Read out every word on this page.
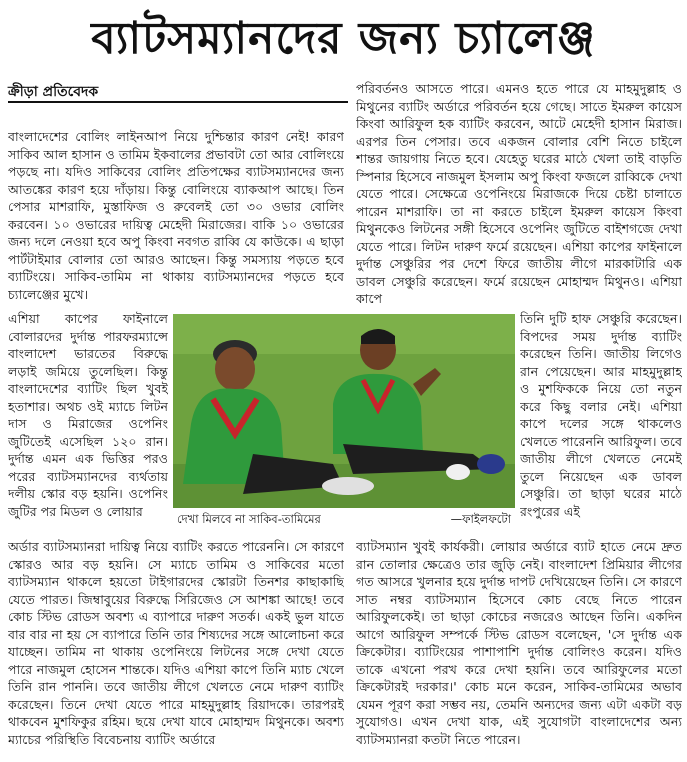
ব্যাটসম্যানদের জন্য চ্যালেঞ্জ
ক্রীড়া প্রতিবেদক
বাংলাদেশের বোলিং লাইনআপ নিয়ে দুশ্চিন্তার কারণ নেই! কারণ সাকিব আল হাসান ও তামিম ইকবালের প্রভাবটা তো আর বোলিংয়ে পড়ছে না। যদিও সাকিবের বোলিং প্রতিপক্ষের ব্যাটসম্যানদের জন্য আতঙ্কের কারণ হয়ে দাঁড়ায়। কিন্তু বোলিংয়ে ব্যাকআপ আছে। তিন পেসার মাশরাফি, মুস্তাফিজ ও রুবেলই তো ৩০ ওভার বোলিং করবেন। ১০ ওভারের দায়িত্ব মেহেদী মিরাজের। বাকি ১০ ওভারের জন্য দলে নেওয়া হবে অপু কিংবা নবগত রাব্বি যে কাউকে। এ ছাড়া পার্টটাইমার বোলার তো আরও আছেন। কিন্তু সমস্যায় পড়তে হবে ব্যাটিংয়ে। সাকিব-তামিম না থাকায় ব্যাটসম্যানদের পড়তে হবে চ্যালেঞ্জের মুখে।
পরিবর্তনও আসতে পারে। এমনও হতে পারে যে মাহমুদুল্লাহ ও মিথুনের ব্যাটিং অর্ডারে পরিবর্তন হয়ে গেছে। সাতে ইমরুল কায়েস কিংবা আরিফুল হক ব্যাটিং করবেন, আটে মেহেদী হাসান মিরাজ। এরপর তিন পেসার। তবে একজন বোলার বেশি নিতে চাইলে শান্তর জায়গায় নিতে হবে। যেহেতু ঘরের মাঠে খেলা তাই বাড়তি স্পিনার হিসেবে নাজমুল ইসলাম অপু কিংবা ফজলে রাব্বিকে দেখা যেতে পারে। সেক্ষেত্রে ওপেনিংয়ে মিরাজকে দিয়ে চেষ্টা চালাতে পারেন মাশরাফি। তা না করতে চাইলে ইমরুল কায়েস কিংবা মিথুনকেও লিটনের সঙ্গী হিসেবে ওপেনিং জুটিতে বাইশগজে দেখা যেতে পারে। লিটন দারুণ ফর্মে রয়েছেন। এশিয়া কাপের ফাইনালে দুর্দান্ত সেঞ্চুরির পর দেশে ফিরে জাতীয় লীগে মারকাটারি এক ডাবল সেঞ্চুরি করেছেন। ফর্মে রয়েছেন মোহাম্মদ মিথুনও। এশিয়া কাপে
এশিয়া কাপের ফাইনালে বোলারদের দুর্দান্ত পারফরম্যান্সে বাংলাদেশ ভারতের বিরুদ্ধে লড়াই জমিয়ে তুলেছিল। কিন্তু বাংলাদেশের ব্যাটিং ছিল খুবই হতাশার। অথচ ওই ম্যাচে লিটন দাস ও মিরাজের ওপেনিং জুটিতেই এসেছিল ১২০ রান। দুর্দান্ত এমন এক ভিত্তির পরও পরের ব্যাটসম্যানদের ব্যর্থতায় দলীয় স্কোর বড় হয়নি। ওপেনিং জুটির পর মিডল ও লোয়ার
তিনি দুটি হাফ সেঞ্চুরি করেছেন। বিপদের সময় দুর্দান্ত ব্যাটিং করেছেন তিনি। জাতীয় লিগেও রান পেয়েছেন। আর মাহমুদুল্লাহ ও মুশফিককে নিয়ে তো নতুন করে কিছু বলার নেই। এশিয়া কাপে দলের সঙ্গে থাকলেও খেলতে পারেননি আরিফুল। তবে জাতীয় লীগে খেলতে নেমেই তুলে নিয়েছেন এক ডাবল সেঞ্চুরি। তা ছাড়া ঘরের মাঠে রংপুরের এই
দেখা মিলবে না সাকিব-তামিমের	—ফাইলফটো
অর্ডার ব্যাটসম্যানরা দায়িত্ব নিয়ে ব্যাটিং করতে পারেননি। সে কারণে স্কোরও আর বড় হয়নি। সে ম্যাচে তামিম ও সাকিবের মতো ব্যাটসম্যান থাকলে হয়তো টাইগারদের স্কোরটা তিনশর কাছাকাছি যেতে পারত। জিম্বাবুয়ের বিরুদ্ধে সিরিজেও সে আশঙ্কা আছে! তবে কোচ স্টিভ রোডস অবশ্য এ ব্যাপারে দারুণ সতর্ক। একই ভুল যাতে বার বার না হয় সে ব্যাপারে তিনি তার শিষ্যদের সঙ্গে আলোচনা করে যাচ্ছেন। তামিম না থাকায় ওপেনিংয়ে লিটনের সঙ্গে দেখা যেতে পারে নাজমুল হোসেন শান্তকে। যদিও এশিয়া কাপে তিনি ম্যাচ খেলে তিনি রান পাননি। তবে জাতীয় লীগে খেলতে নেমে দারুণ ব্যাটিং করেছেন। তিনে দেখা যেতে পারে মাহমুদুল্লাহ রিয়াদকে। তারপরই থাকবেন মুশফিকুর রহিম। ছয়ে দেখা যাবে মোহাম্মদ মিথুনকে। অবশ্য ম্যাচের পরিস্থিতি বিবেচনায় ব্যাটিং অর্ডারে
ব্যাটসম্যান খুবই কার্যকরী। লোয়ার অর্ডারে ব্যাট হাতে নেমে দ্রুত রান তোলার ক্ষেত্রেও তার জুড়ি নেই। বাংলাদেশ প্রিমিয়ার লীগের গত আসরে খুলনার হয়ে দুর্দান্ত দাপট দেখিয়েছেন তিনি। সে কারণে সাত নম্বর ব্যাটসম্যান হিসেবে কোচ বেছে নিতে পারেন আরিফুলকেই। তা ছাড়া কোচের নজরেও আছেন তিনি। একদিন আগে আরিফুল সম্পর্কে স্টিভ রোডস বলেছেন, 'সে দুর্দান্ত এক ক্রিকেটার। ব্যাটিংয়ের পাশাপাশি দুর্দান্ত বোলিংও করেন। যদিও তাকে এখনো পরখ করে দেখা হয়নি। তবে আরিফুলের মতো ক্রিকেটারই দরকার।' কোচ মনে করেন, সাকিব-তামিমের অভাব যেমন পূরণ করা সম্ভব নয়, তেমনি অন্যদের জন্য এটা একটা বড় সুযোগও। এখন দেখা যাক, এই সুযোগটা বাংলাদেশের অন্য ব্যাটসম্যানরা কতটা নিতে পারেন।
